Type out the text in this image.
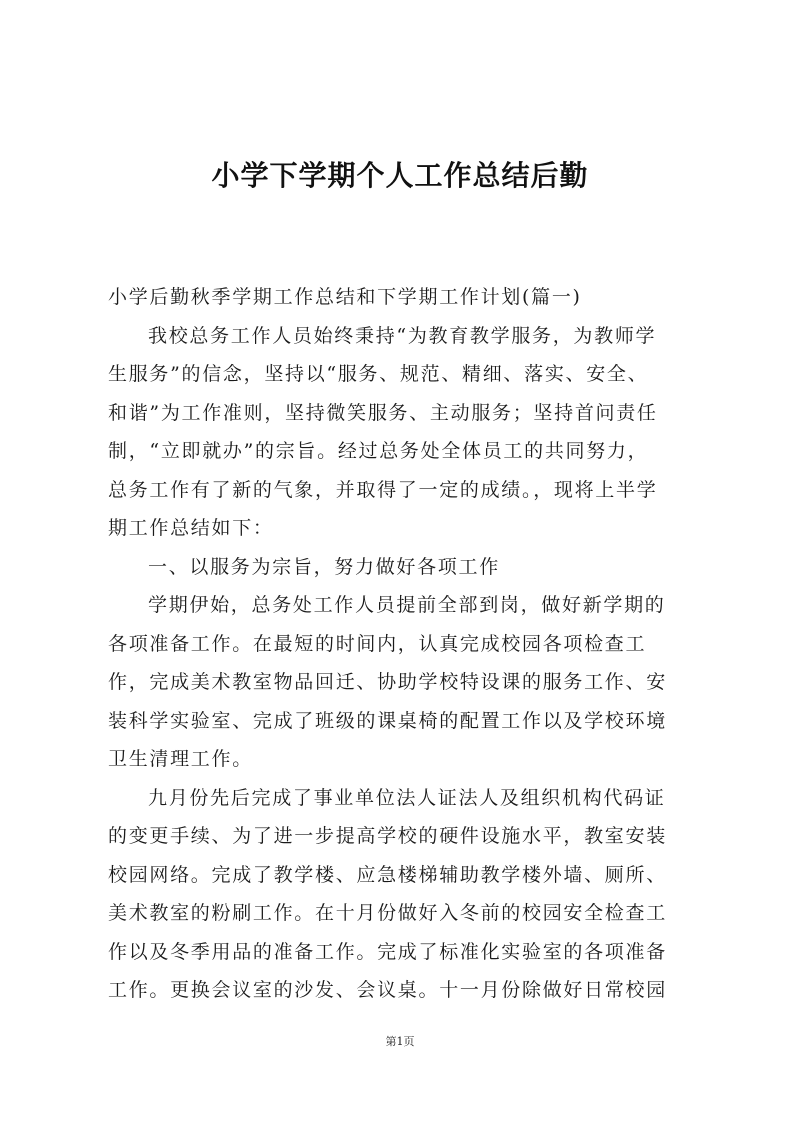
小学下学期个人工作总结后勤
小学后勤秋季学期工作总结和下学期工作计划(篇一)
我校总务工作人员始终秉持“为教育教学服务，为教师学
生服务”的信念，坚持以“服务、规范、精细、落实、安全、
和谐”为工作准则，坚持微笑服务、主动服务；坚持首问责任
制，“立即就办”的宗旨。经过总务处全体员工的共同努力，
总务工作有了新的气象，并取得了一定的成绩。，现将上半学
期工作总结如下：
一、以服务为宗旨，努力做好各项工作
学期伊始，总务处工作人员提前全部到岗，做好新学期的
各项准备工作。在最短的时间内，认真完成校园各项检查工
作，完成美术教室物品回迁、协助学校特设课的服务工作、安
装科学实验室、完成了班级的课桌椅的配置工作以及学校环境
卫生清理工作。
九月份先后完成了事业单位法人证法人及组织机构代码证
的变更手续、为了进一步提高学校的硬件设施水平，教室安装
校园网络。完成了教学楼、应急楼梯辅助教学楼外墙、厕所、
美术教室的粉刷工作。在十月份做好入冬前的校园安全检查工
作以及冬季用品的准备工作。完成了标准化实验室的各项准备
工作。更换会议室的沙发、会议桌。十一月份除做好日常校园
第1页
